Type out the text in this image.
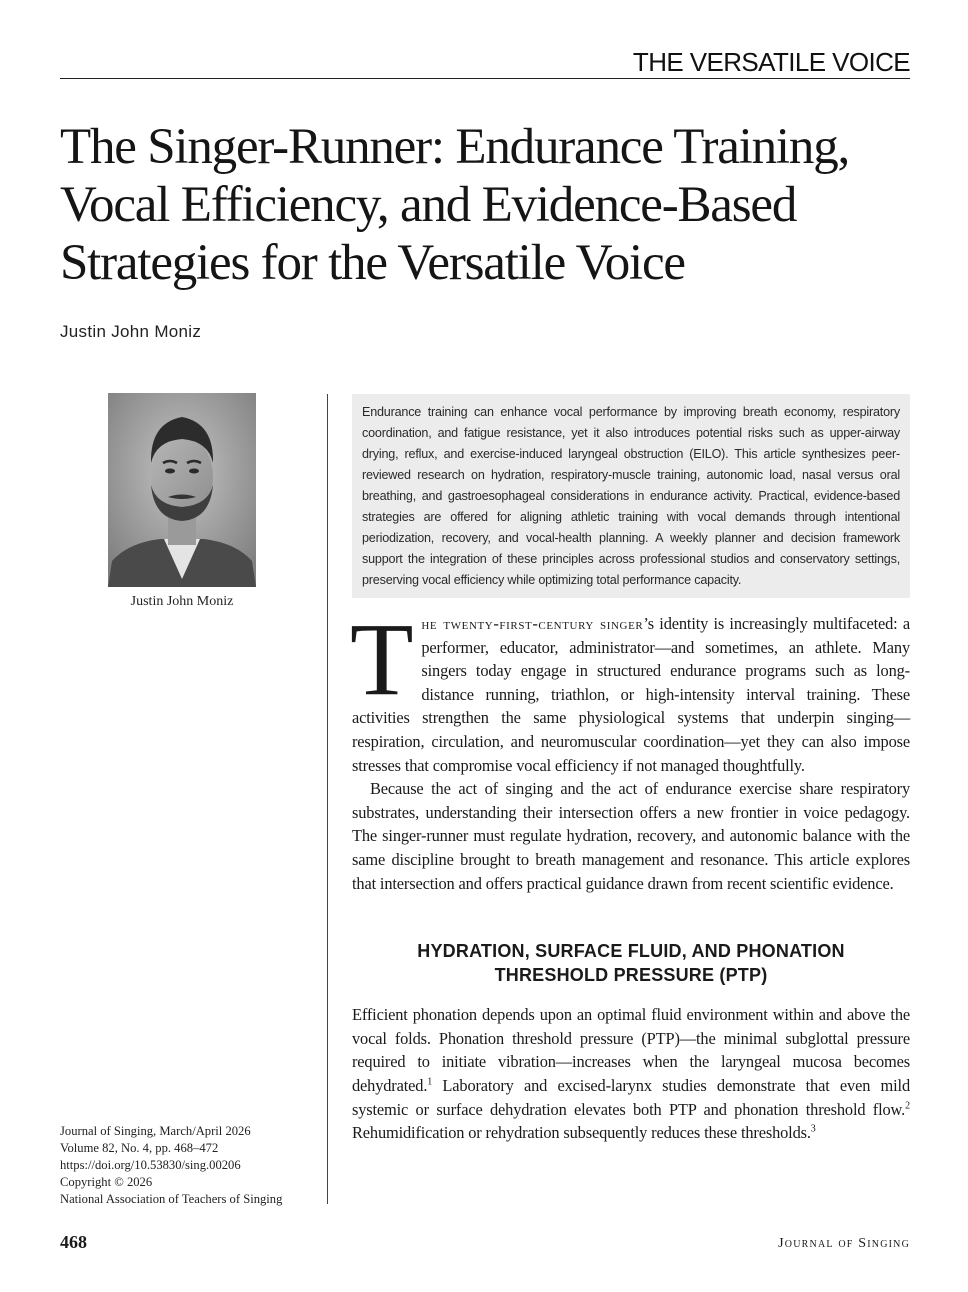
THE VERSATILE VOICE
The Singer-Runner: Endurance Training, Vocal Efficiency, and Evidence-Based Strategies for the Versatile Voice
Justin John Moniz
Justin John Moniz
Endurance training can enhance vocal performance by improving breath economy, respiratory coordination, and fatigue resistance, yet it also introduces potential risks such as upper-airway drying, reflux, and exercise-induced laryngeal obstruction (EILO). This article synthesizes peer-reviewed research on hydration, respiratory-muscle training, autonomic load, nasal versus oral breathing, and gastroesophageal considerations in endurance activity. Practical, evidence-based strategies are offered for aligning athletic training with vocal demands through intentional periodization, recovery, and vocal-health planning. A weekly planner and decision framework support the integration of these principles across professional studios and conservatory settings, preserving vocal efficiency while optimizing total performance capacity.

The twenty-first-century singer’s identity is increasingly multifaceted: a performer, educator, administrator—and sometimes, an athlete. Many singers today engage in structured endurance programs such as long-distance running, triathlon, or high-intensity interval training. These activities strengthen the same physiological systems that underpin singing—respiration, circulation, and neuromuscular coordination—yet they can also impose stresses that compromise vocal efficiency if not managed thoughtfully.

Because the act of singing and the act of endurance exercise share respiratory substrates, understanding their intersection offers a new frontier in voice pedagogy. The singer-runner must regulate hydration, recovery, and autonomic balance with the same discipline brought to breath management and resonance. This article explores that intersection and offers practical guidance drawn from recent scientific evidence.

HYDRATION, SURFACE FLUID, AND PHONATION
THRESHOLD PRESSURE (PTP)

Efficient phonation depends upon an optimal fluid environment within and above the vocal folds. Phonation threshold pressure (PTP)—the minimal subglottal pressure required to initiate vibration—increases when the laryngeal mucosa becomes dehydrated.$^1$ Laboratory and excised-larynx studies demonstrate that even mild systemic or surface dehydration elevates both PTP and phonation threshold flow.$^2$ Rehumidification or rehydration subsequently reduces these thresholds.$^3$

Journal of Singing, March/April 2026
Volume 82, No. 4, pp. 468–472
https://doi.org/10.53830/sing.00206
Copyright © 2026
National Association of Teachers of Singing
468	Journal of Singing
